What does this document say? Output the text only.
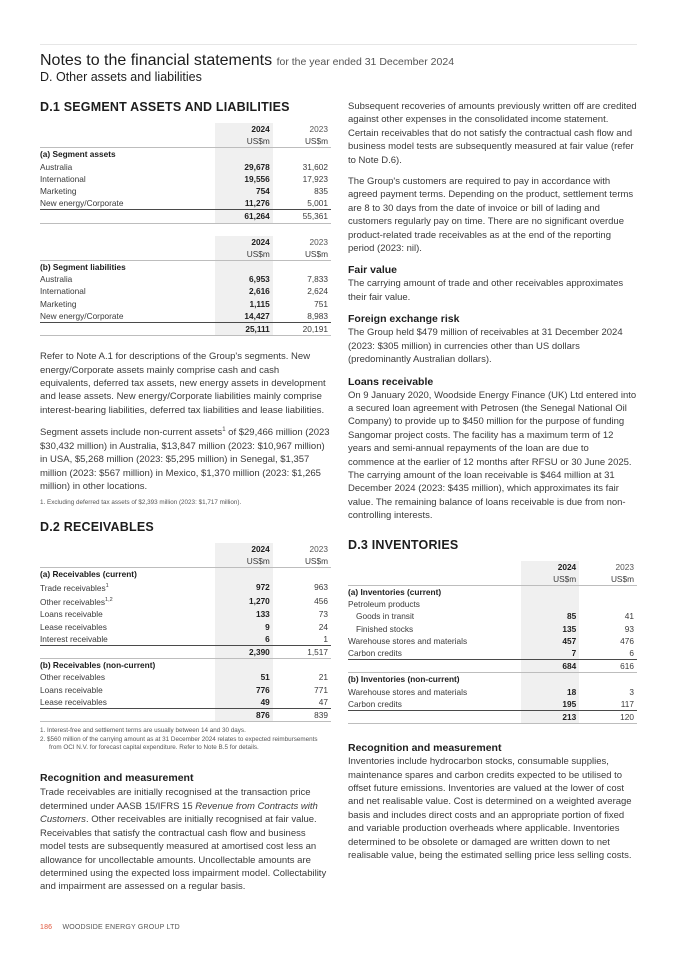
Notes to the financial statements for the year ended 31 December 2024
D. Other assets and liabilities
D.1 SEGMENT ASSETS AND LIABILITIES
	2024	2023
	US$m	US$m
(a) Segment assets		
Australia	29,678	31,602
International	19,556	17,923
Marketing	754	835
New energy/Corporate	11,276	5,001
	61,264	55,361
	2024	2023
	US$m	US$m
(b) Segment liabilities		
Australia	6,953	7,833
International	2,616	2,624
Marketing	1,115	751
New energy/Corporate	14,427	8,983
	25,111	20,191

Refer to Note A.1 for descriptions of the Group's segments. New energy/Corporate assets mainly comprise cash and cash equivalents, deferred tax assets, new energy assets in development and lease assets. New energy/Corporate liabilities mainly comprise interest-bearing liabilities, deferred tax liabilities and lease liabilities.

Segment assets include non-current assets$^1$ of $29,466 million (2023 $30,432 million) in Australia, $13,847 million (2023: $10,967 million) in USA, $5,268 million (2023: $5,295 million) in Senegal, $1,357 million (2023: $567 million) in Mexico, $1,370 million (2023: $1,265 million) in other locations.

1. Excluding deferred tax assets of $2,393 million (2023: $1,717 million).

D.2 RECEIVABLES
	2024	2023
	US$m	US$m
(a) Receivables (current)		
Trade receivables$^1$	972	963
Other receivables$^{1,2}$	1,270	456
Loans receivable	133	73
Lease receivables	9	24
Interest receivable	6	1
	2,390	1,517
(b) Receivables (non-current)		
Other receivables	51	21
Loans receivable	776	771
Lease receivables	49	47
	876	839

1. Interest-free and settlement terms are usually between 14 and 30 days.

2. $560 million of the carrying amount as at 31 December 2024 relates to expected reimbursements from OCI N.V. for forecast capital expenditure. Refer to Note B.5 for details.

Recognition and measurement

Trade receivables are initially recognised at the transaction price determined under AASB 15/IFRS 15 Revenue from Contracts with Customers. Other receivables are initially recognised at fair value. Receivables that satisfy the contractual cash flow and business model tests are subsequently measured at amortised cost less an allowance for uncollectable amounts. Uncollectable amounts are determined using the expected loss impairment model. Collectability and impairment are assessed on a regular basis.

Subsequent recoveries of amounts previously written off are credited against other expenses in the consolidated income statement. Certain receivables that do not satisfy the contractual cash flow and business model tests are subsequently measured at fair value (refer to Note D.6).

The Group's customers are required to pay in accordance with agreed payment terms. Depending on the product, settlement terms are 8 to 30 days from the date of invoice or bill of lading and customers regularly pay on time. There are no significant overdue product-related trade receivables as at the end of the reporting period (2023: nil).

Fair value

The carrying amount of trade and other receivables approximates their fair value.

Foreign exchange risk

The Group held $479 million of receivables at 31 December 2024 (2023: $305 million) in currencies other than US dollars (predominantly Australian dollars).

Loans receivable

On 9 January 2020, Woodside Energy Finance (UK) Ltd entered into a secured loan agreement with Petrosen (the Senegal National Oil Company) to provide up to $450 million for the purpose of funding Sangomar project costs. The facility has a maximum term of 12 years and semi-annual repayments of the loan are due to commence at the earlier of 12 months after RFSU or 30 June 2025. The carrying amount of the loan receivable is $464 million at 31 December 2024 (2023: $435 million), which approximates its fair value. The remaining balance of loans receivable is due from non-controlling interests.

D.3 INVENTORIES
	2024	2023
	US$m	US$m
(a) Inventories (current)		
Petroleum products		
Goods in transit	85	41
Finished stocks	135	93
Warehouse stores and materials	457	476
Carbon credits	7	6
	684	616
(b) Inventories (non-current)		
Warehouse stores and materials	18	3
Carbon credits	195	117
	213	120
Recognition and measurement

Inventories include hydrocarbon stocks, consumable supplies, maintenance spares and carbon credits expected to be utilised to offset future emissions. Inventories are valued at the lower of cost and net realisable value. Cost is determined on a weighted average basis and includes direct costs and an appropriate portion of fixed and variable production overheads where applicable. Inventories determined to be obsolete or damaged are written down to net realisable value, being the estimated selling price less selling costs.

186 WOODSIDE ENERGY GROUP LTD
